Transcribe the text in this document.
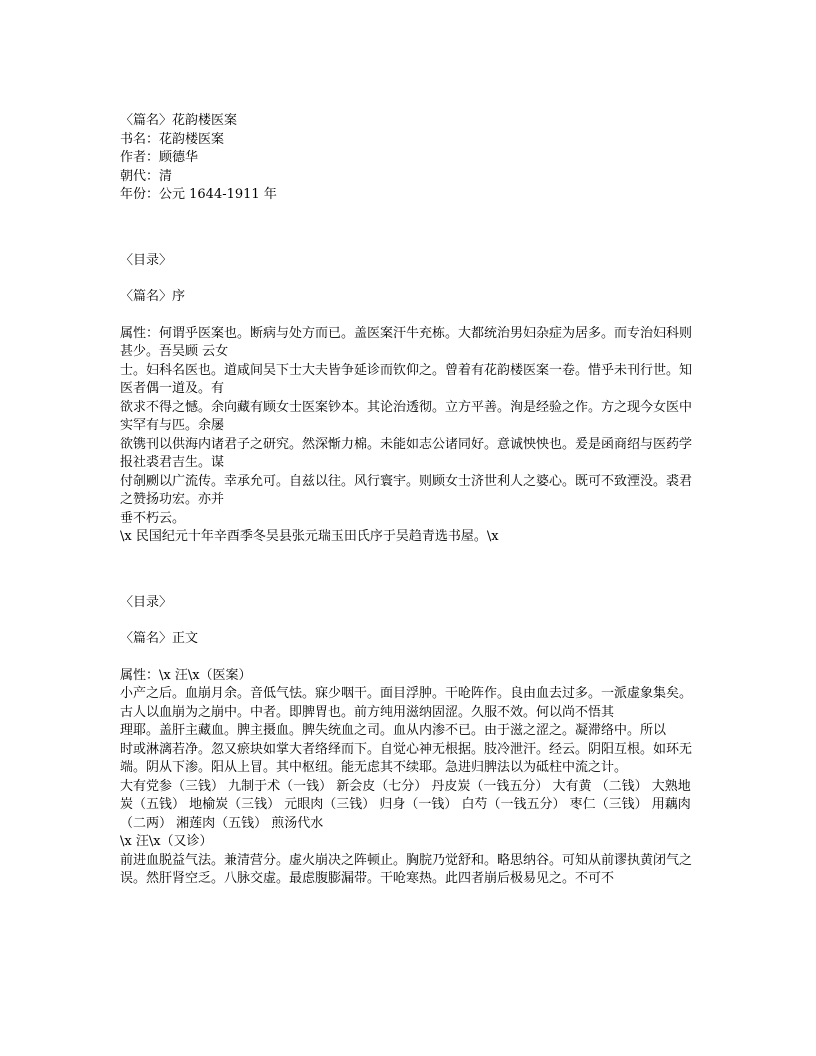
〈篇名〉花韵楼医案
书名：花韵楼医案
作者：顾德华
朝代：清
年份：公元 1644-1911 年
〈目录〉
〈篇名〉序
属性：何谓乎医案也。断病与处方而已。盖医案汗牛充栋。大都统治男妇杂症为居多。而专治妇科则甚少。吾吴顾 云女
士。妇科名医也。道咸间吴下士大夫皆争延诊而钦仰之。曾着有花韵楼医案一卷。惜乎未刊行世。知医者偶一道及。有
欲求不得之憾。余向藏有顾女士医案钞本。其论治透彻。立方平善。洵是经验之作。方之现今女医中实罕有与匹。余屡
欲镌刊以供海内诸君子之研究。然深惭力棉。未能如志公诸同好。意诚怏怏也。爰是函商绍与医药学报社裘君吉生。谋
付剞劂以广流传。幸承允可。自兹以往。风行寰宇。则顾女士济世利人之婆心。既可不致湮没。裘君之赞扬功宏。亦并
垂不朽云。
\x 民国纪元十年辛酉季冬吴县张元瑞玉田氏序于吴趋青选书屋。\x
〈目录〉
〈篇名〉正文
属性：\x 汪\x（医案）
小产之后。血崩月余。音低气怯。寐少咽干。面目浮肿。干呛阵作。良由血去过多。一派虚象集矣。古人以血崩为之崩中。中者。即脾胃也。前方纯用滋纳固涩。久服不效。何以尚不悟其
理耶。盖肝主藏血。脾主摄血。脾失统血之司。血从内渗不已。由于滋之涩之。凝滞络中。所以
时或淋漓若净。忽又瘀块如掌大者络绎而下。自觉心神无根据。肢冷泄汗。经云。阴阳互根。如环无
端。阴从下渗。阳从上冒。其中枢纽。能无虑其不续耶。急进归脾法以为砥柱中流之计。
大有党参（三钱） 九制于术（一钱） 新会皮（七分） 丹皮炭（一钱五分） 大有黄 （二钱） 大熟地炭（五钱） 地榆炭（三钱） 元眼肉（三钱） 归身（一钱） 白芍（一钱五分） 枣仁（三钱） 用藕肉（二两） 湘莲肉（五钱） 煎汤代水
\x 汪\x（又诊）
前进血脱益气法。兼清营分。虚火崩决之阵顿止。胸脘乃觉舒和。略思纳谷。可知从前谬执黄闭气之误。然肝肾空乏。八脉交虚。最虑腹膨漏带。干呛寒热。此四者崩后极易见之。不可不
